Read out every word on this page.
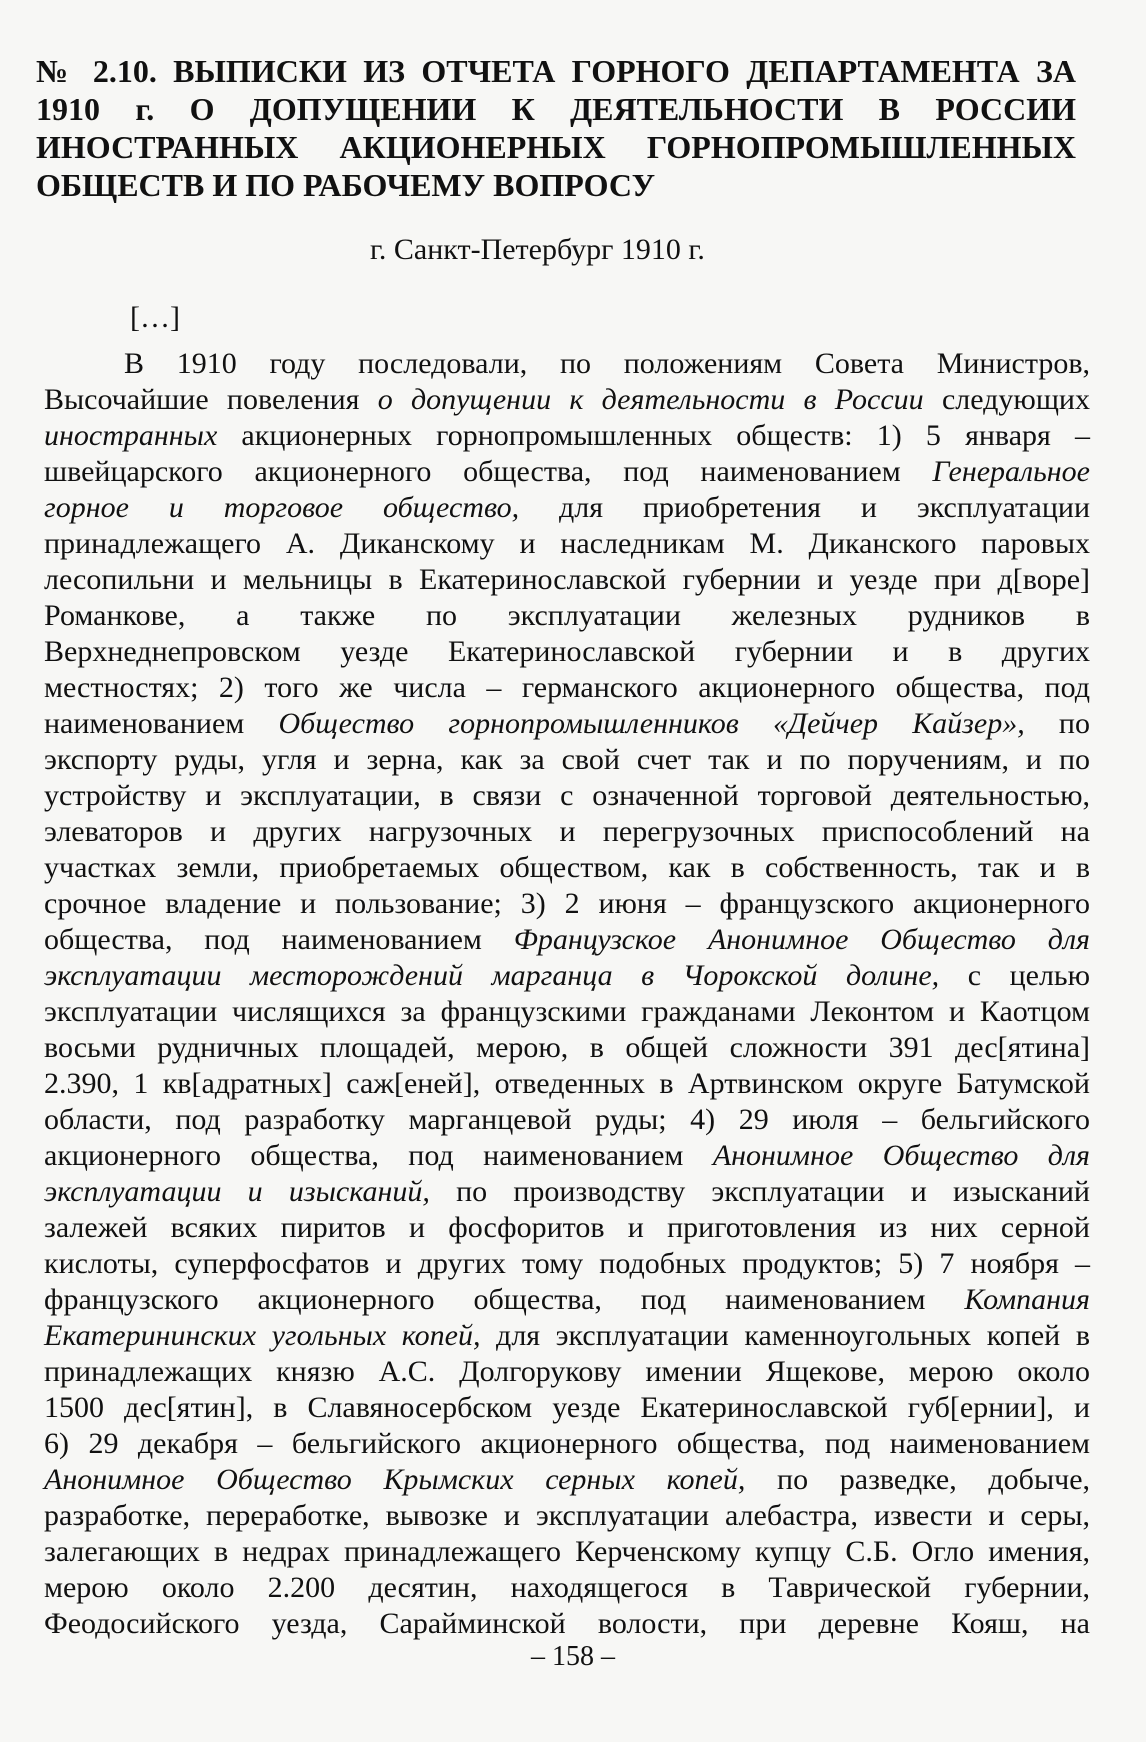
№ 2.10. ВЫПИСКИ ИЗ ОТЧЕТА ГОРНОГО ДЕПАРТАМЕНТА ЗА
1910 г. О ДОПУЩЕНИИ К ДЕЯТЕЛЬНОСТИ В РОССИИ
ИНОСТРАННЫХ АКЦИОНЕРНЫХ ГОРНОПРОМЫШЛЕННЫХ
ОБЩЕСТВ И ПО РАБОЧЕМУ ВОПРОСУ

г. Санкт-Петербург 1910 г.

[…]

В 1910 году последовали, по положениям Совета Министров,
Высочайшие повеления о допущении к деятельности в России следующих
иностранных акционерных горнопромышленных обществ: 1) 5 января –
швейцарского акционерного общества, под наименованием Генеральное
горное и торговое общество, для приобретения и эксплуатации
принадлежащего А. Диканскому и наследникам М. Диканского паровых
лесопильни и мельницы в Екатеринославской губернии и уезде при д[воре]
Романкове, а также по эксплуатации железных рудников в
Верхнеднепровском уезде Екатеринославской губернии и в других
местностях; 2) того же числа – германского акционерного общества, под
наименованием Общество горнопромышленников «Дейчер Кайзер», по
экспорту руды, угля и зерна, как за свой счет так и по поручениям, и по
устройству и эксплуатации, в связи с означенной торговой деятельностью,
элеваторов и других нагрузочных и перегрузочных приспособлений на
участках земли, приобретаемых обществом, как в собственность, так и в
срочное владение и пользование; 3) 2 июня – французского акционерного
общества, под наименованием Французское Анонимное Общество для
эксплуатации месторождений марганца в Чорокской долине, с целью
эксплуатации числящихся за французскими гражданами Леконтом и Каотцом
восьми рудничных площадей, мерою, в общей сложности 391 дес[ятина]
2.390, 1 кв[адратных] саж[еней], отведенных в Артвинском округе Батумской
области, под разработку марганцевой руды; 4) 29 июля – бельгийского
акционерного общества, под наименованием Анонимное Общество для
эксплуатации и изысканий, по производству эксплуатации и изысканий
залежей всяких пиритов и фосфоритов и приготовления из них серной
кислоты, суперфосфатов и других тому подобных продуктов; 5) 7 ноября –
французского акционерного общества, под наименованием Компания
Екатерининских угольных копей, для эксплуатации каменноугольных копей в
принадлежащих князю А.С. Долгорукову имении Ящекове, мерою около
1500 дес[ятин], в Славяносербском уезде Екатеринославской губ[ернии], и
6) 29 декабря – бельгийского акционерного общества, под наименованием
Анонимное Общество Крымских серных копей, по разведке, добыче,
разработке, переработке, вывозке и эксплуатации алебастра, извести и серы,
залегающих в недрах принадлежащего Керченскому купцу С.Б. Огло имения,
мерою около 2.200 десятин, находящегося в Таврической губернии,
Феодосийского уезда, Сарайминской волости, при деревне Кояш, на

– 158 –
